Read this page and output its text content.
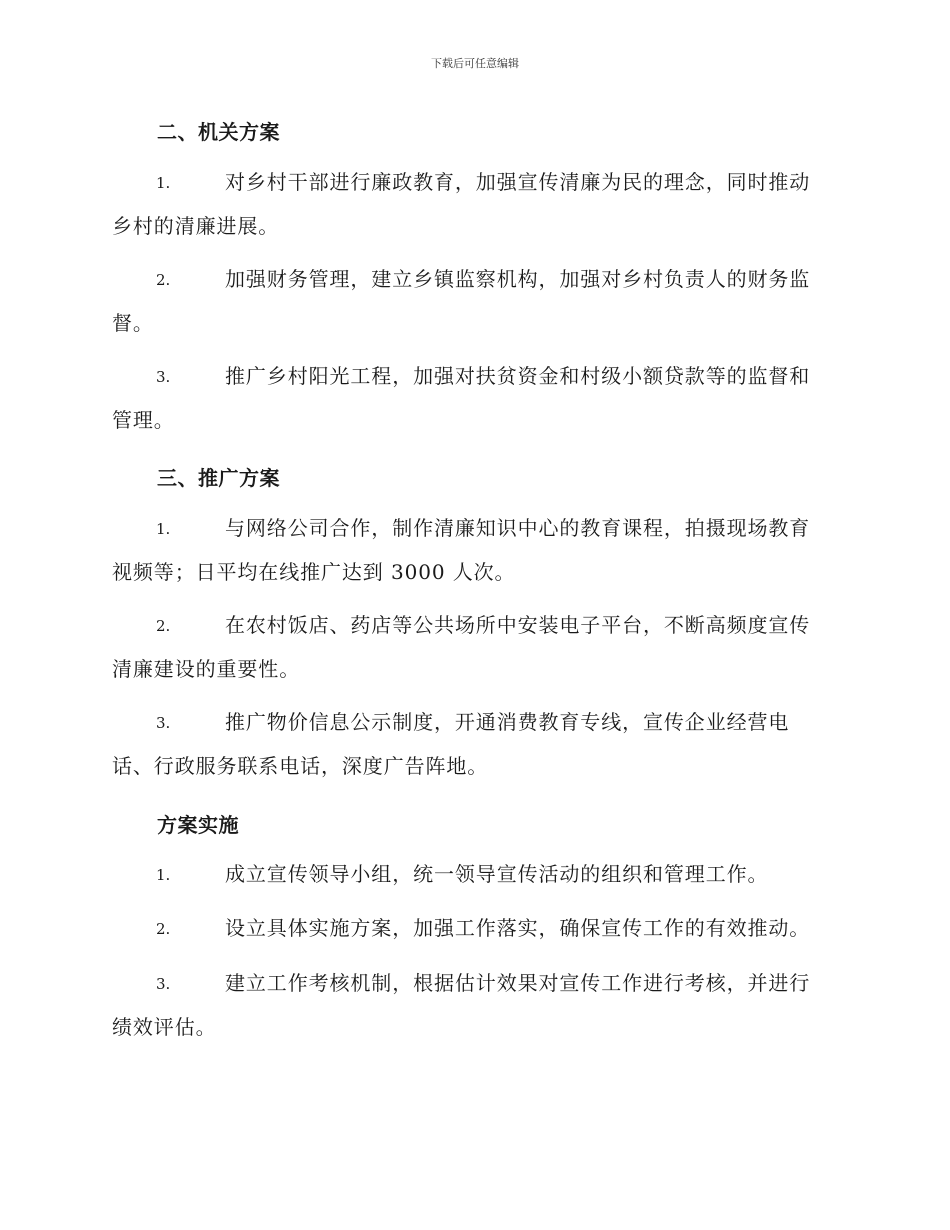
下载后可任意编辑
二、机关方案
1.	对乡村干部进行廉政教育，加强宣传清廉为民的理念，同时推动
乡村的清廉进展。
2.	加强财务管理，建立乡镇监察机构，加强对乡村负责人的财务监
督。
3.	推广乡村阳光工程，加强对扶贫资金和村级小额贷款等的监督和
管理。
三、推广方案
1.	与网络公司合作，制作清廉知识中心的教育课程，拍摄现场教育
视频等；日平均在线推广达到 3000 人次。
2.	在农村饭店、药店等公共场所中安装电子平台，不断高频度宣传
清廉建设的重要性。
3.	推广物价信息公示制度，开通消费教育专线，宣传企业经营电
话、行政服务联系电话，深度广告阵地。
方案实施
1.	成立宣传领导小组，统一领导宣传活动的组织和管理工作。
2.	设立具体实施方案，加强工作落实，确保宣传工作的有效推动。
3.	建立工作考核机制，根据估计效果对宣传工作进行考核，并进行
绩效评估。
